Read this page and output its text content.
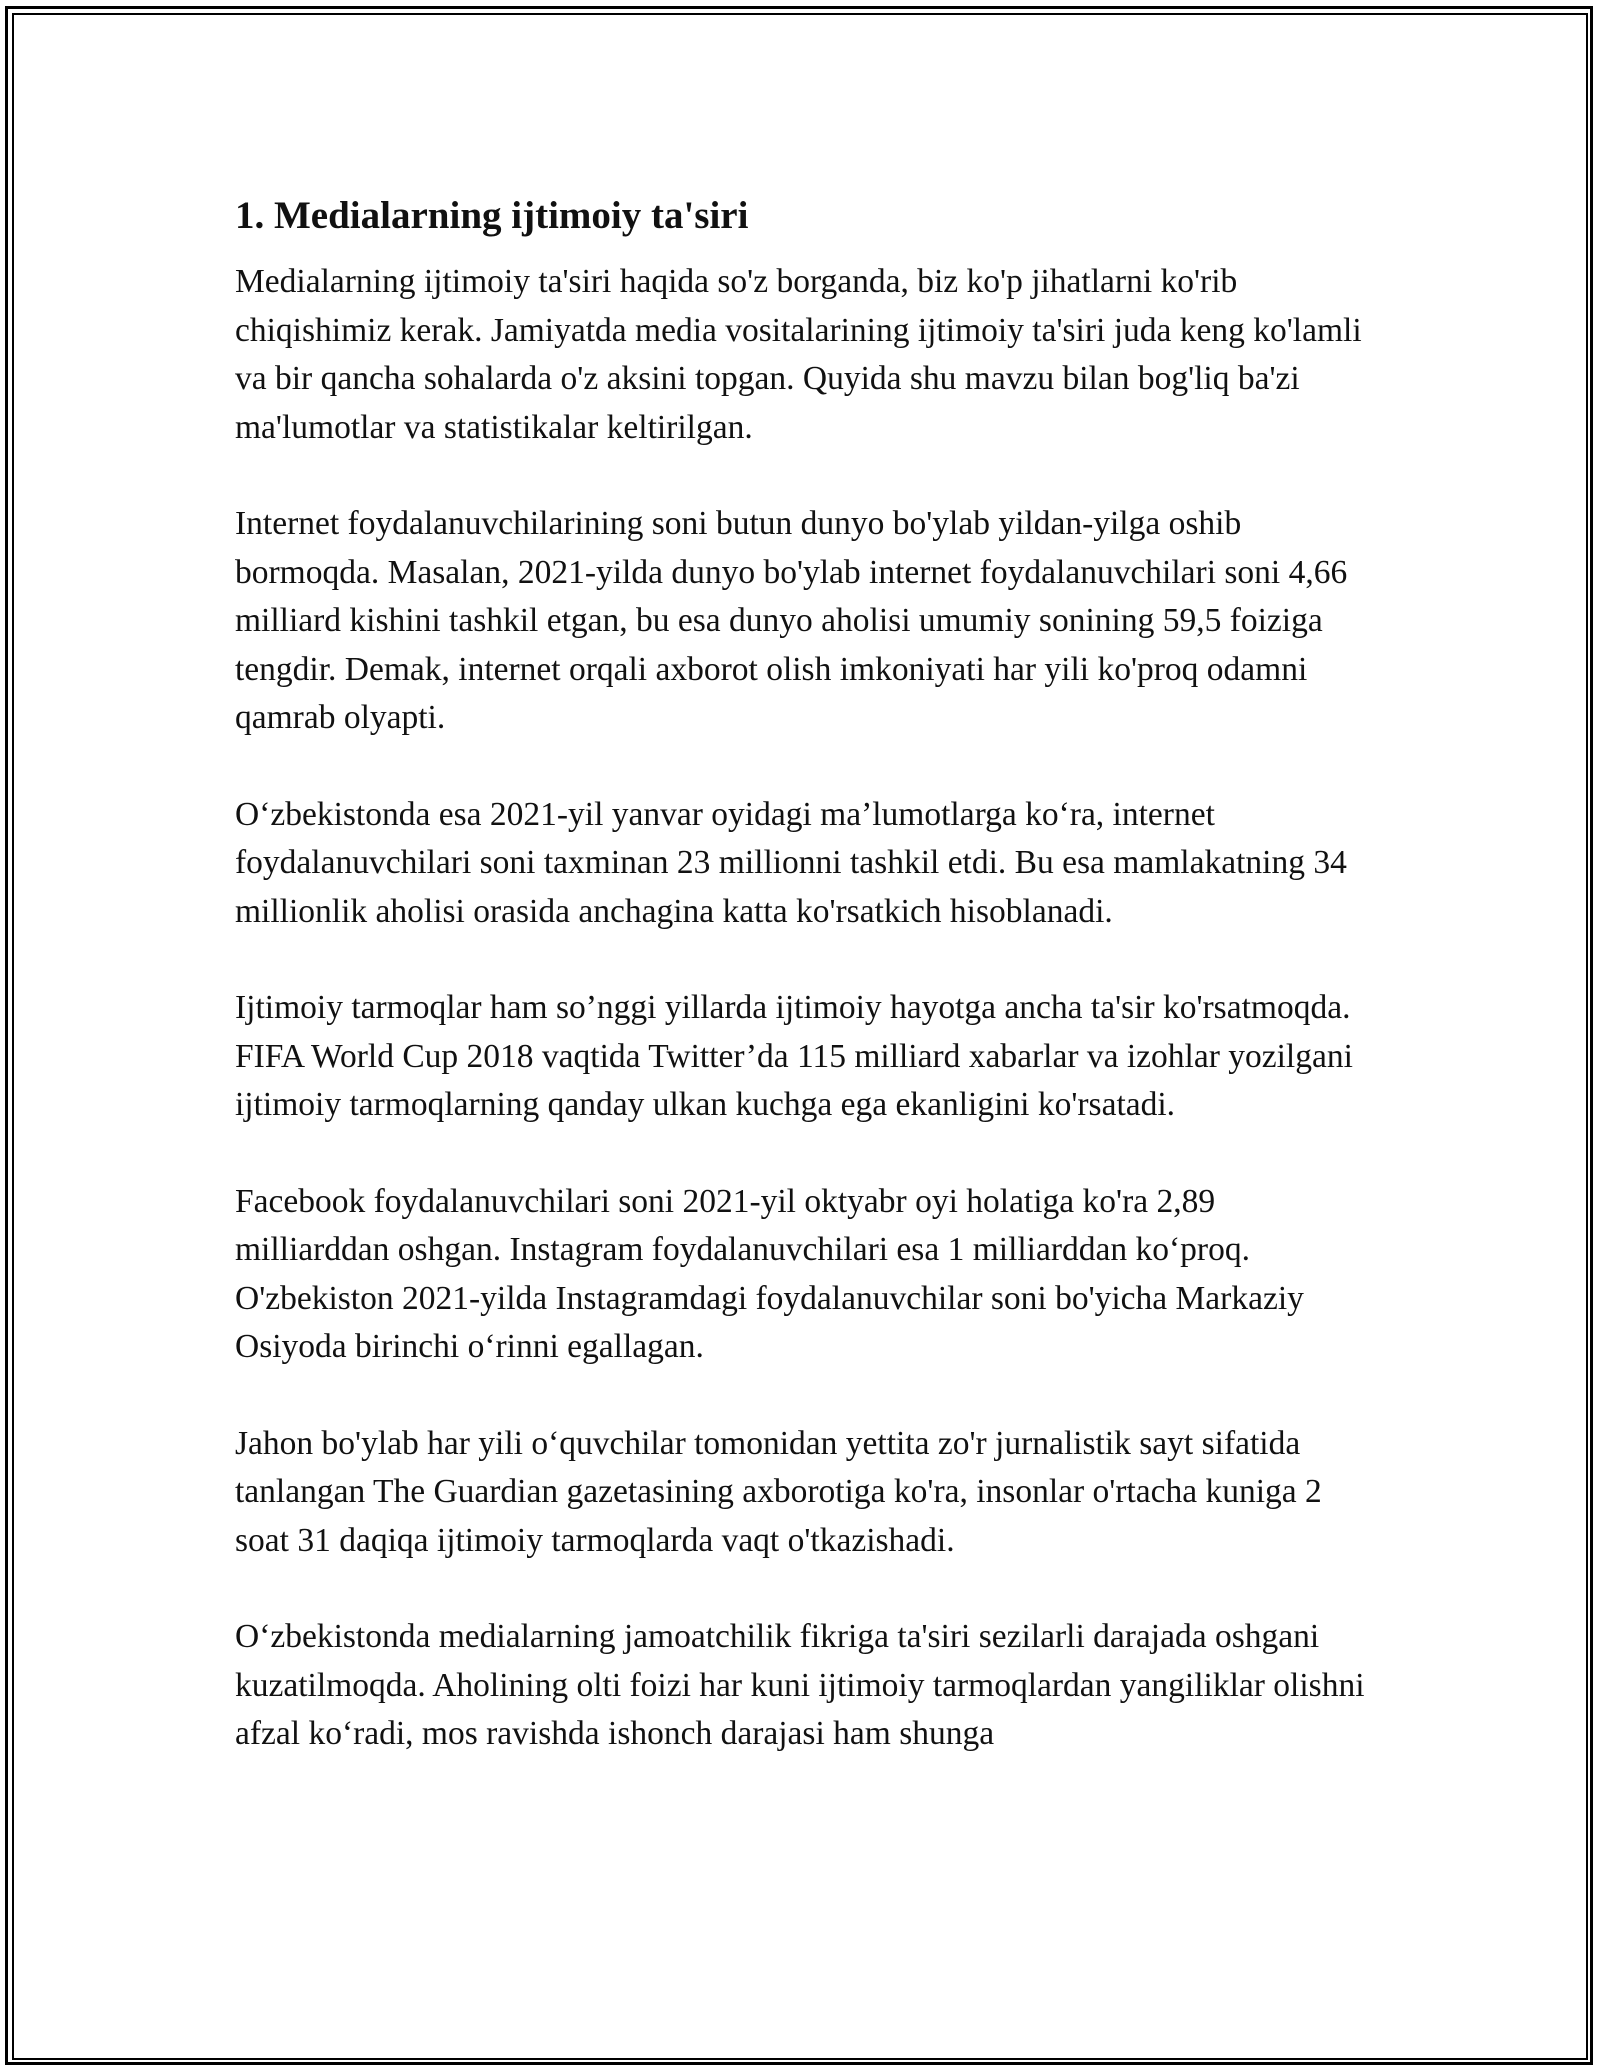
1. Medialarning ijtimoiy ta'siri

Medialarning ijtimoiy ta'siri haqida so'z borganda, biz ko'p jihatlarni ko'rib chiqishimiz kerak. Jamiyatda media vositalarining ijtimoiy ta'siri juda keng ko'lamli va bir qancha sohalarda o'z aksini topgan. Quyida shu mavzu bilan bog'liq ba'zi ma'lumotlar va statistikalar keltirilgan.

Internet foydalanuvchilarining soni butun dunyo bo'ylab yildan-yilga oshib bormoqda. Masalan, 2021-yilda dunyo bo'ylab internet foydalanuvchilari soni 4,66 milliard kishini tashkil etgan, bu esa dunyo aholisi umumiy sonining 59,5 foiziga tengdir. Demak, internet orqali axborot olish imkoniyati har yili ko'proq odamni qamrab olyapti.

O‘zbekistonda esa 2021-yil yanvar oyidagi ma’lumotlarga ko‘ra, internet foydalanuvchilari soni taxminan 23 millionni tashkil etdi. Bu esa mamlakatning 34 millionlik aholisi orasida anchagina katta ko'rsatkich hisoblanadi.

Ijtimoiy tarmoqlar ham so’nggi yillarda ijtimoiy hayotga ancha ta'sir ko'rsatmoqda. FIFA World Cup 2018 vaqtida Twitter’da 115 milliard xabarlar va izohlar yozilgani ijtimoiy tarmoqlarning qanday ulkan kuchga ega ekanligini ko'rsatadi.

Facebook foydalanuvchilari soni 2021-yil oktyabr oyi holatiga ko'ra 2,89 milliarddan oshgan. Instagram foydalanuvchilari esa 1 milliarddan ko‘proq. O'zbekiston 2021-yilda Instagramdagi foydalanuvchilar soni bo'yicha Markaziy Osiyoda birinchi o‘rinni egallagan.

Jahon bo'ylab har yili o‘quvchilar tomonidan yettita zo'r jurnalistik sayt sifatida tanlangan The Guardian gazetasining axborotiga ko'ra, insonlar o'rtacha kuniga 2 soat 31 daqiqa ijtimoiy tarmoqlarda vaqt o'tkazishadi.

O‘zbekistonda medialarning jamoatchilik fikriga ta'siri sezilarli darajada oshgani kuzatilmoqda. Aholining olti foizi har kuni ijtimoiy tarmoqlardan yangiliklar olishni afzal ko‘radi, mos ravishda ishonch darajasi ham shunga
